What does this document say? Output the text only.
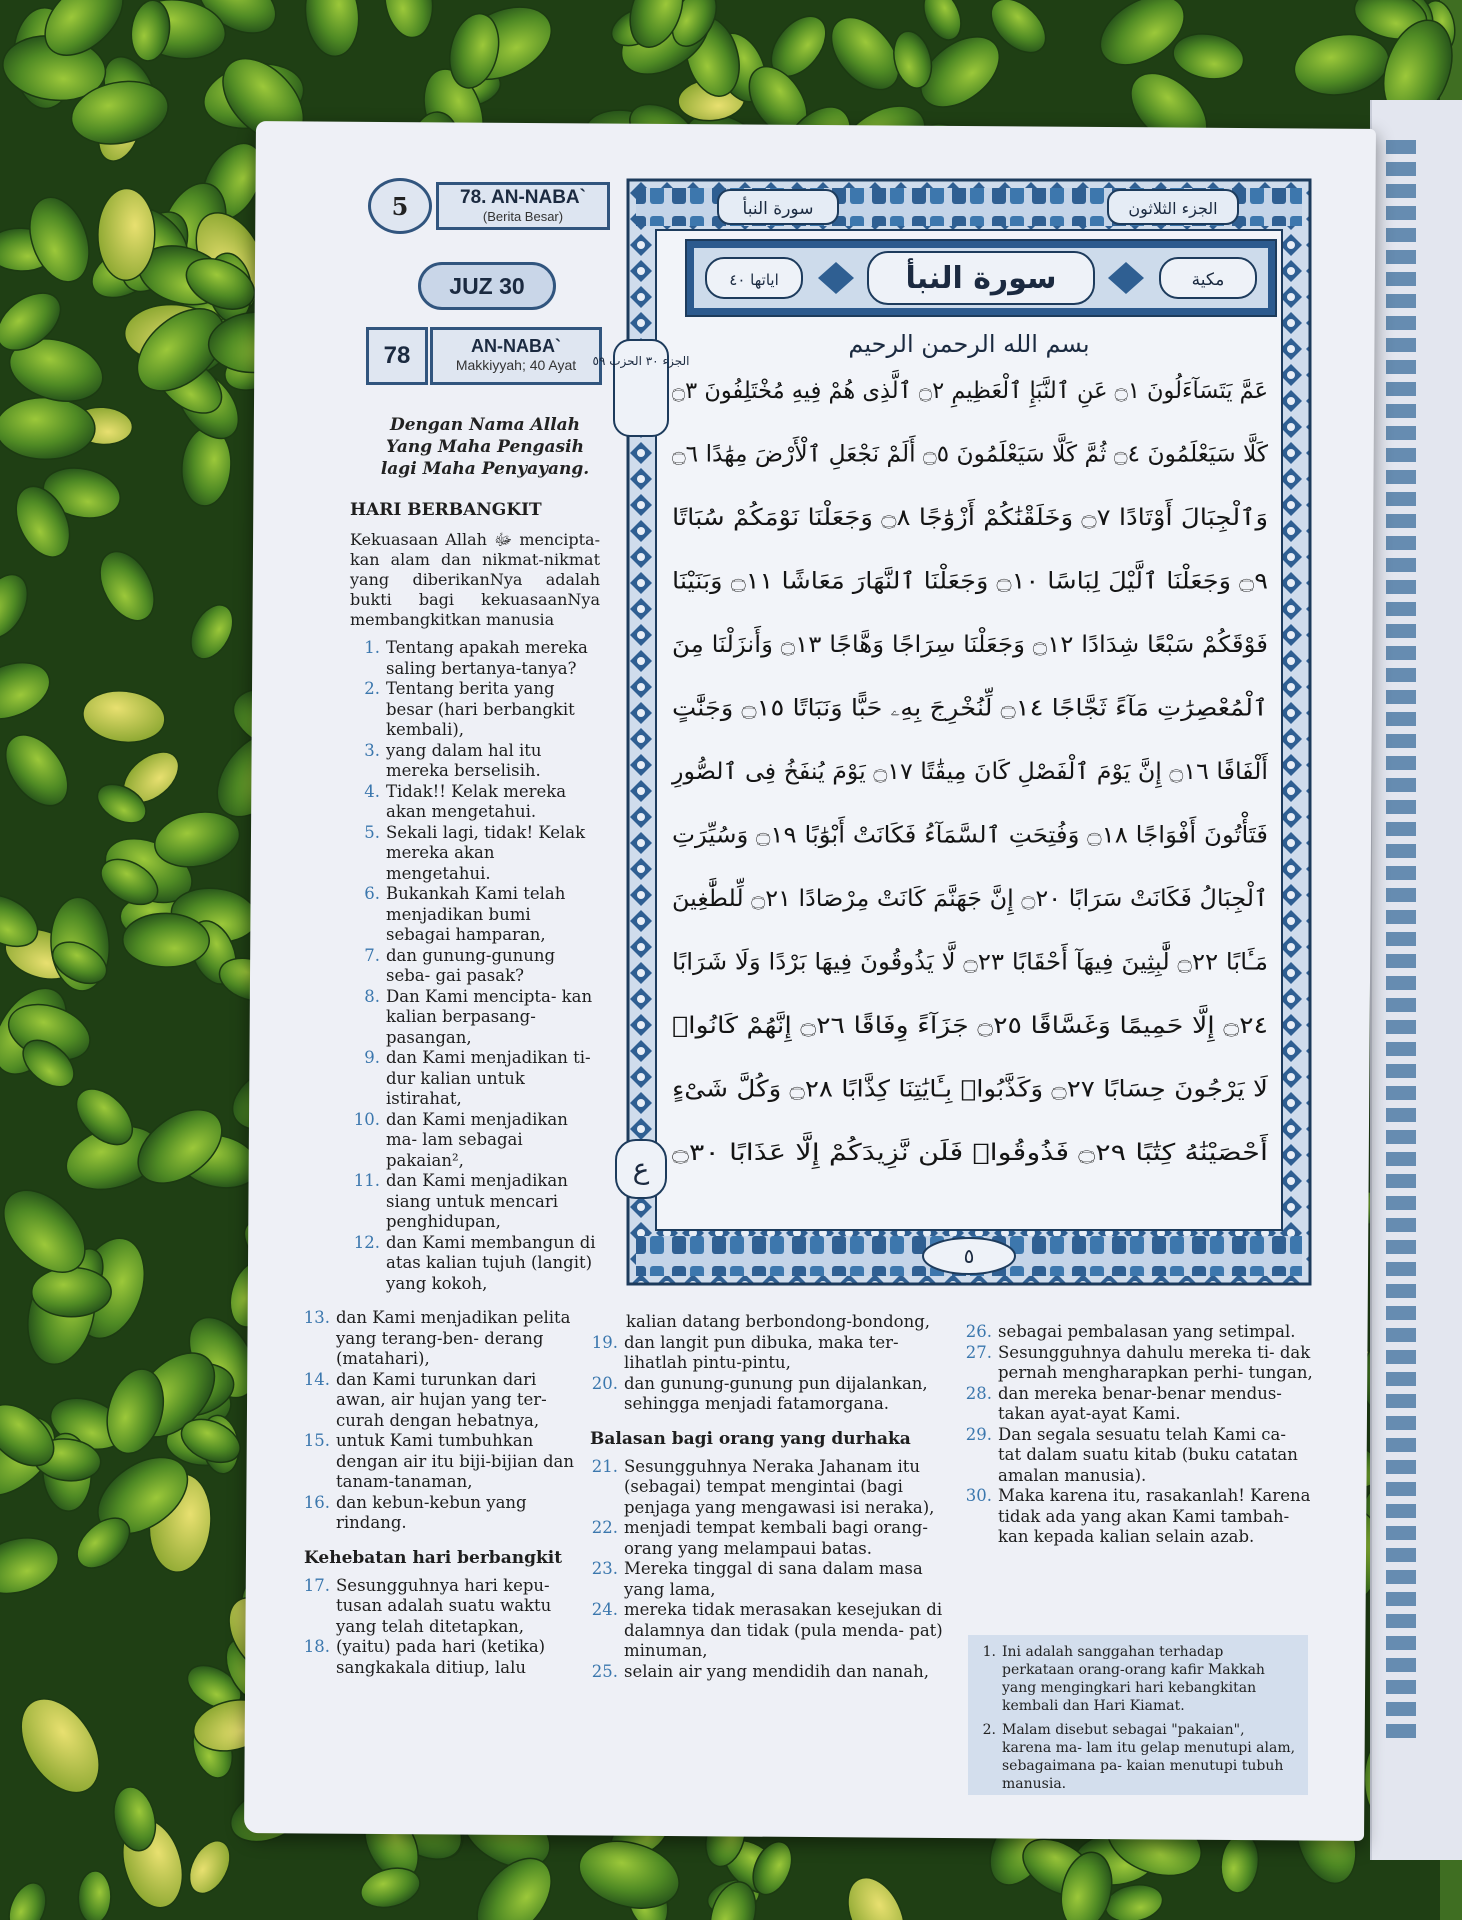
5	78. AN-NABA`
(Berita Besar)
JUZ 30
78	AN-NABA`
Makkiyyah; 40 Ayat
Dengan Nama Allah Yang Maha Pengasih lagi Maha Penyayang.
HARI BERBANGKIT
Kekuasaan Allah ﷻ mencipta- kan alam dan nikmat-nikmat yang diberikanNya adalah bukti bagi kekuasaanNya membangkitkan manusia
1. Tentang apakah mereka saling bertanya-tanya?
2. Tentang berita yang besar (hari berbangkit kembali),
3. yang dalam hal itu mereka berselisih.
4. Tidak!! Kelak mereka akan mengetahui.
5. Sekali lagi, tidak! Kelak mereka akan mengetahui.
6. Bukankah Kami telah menjadikan bumi sebagai hamparan,
7. dan gunung-gunung seba- gai pasak?
8. Dan Kami mencipta- kan kalian berpasang- pasangan,
9. dan Kami menjadikan ti- dur kalian untuk istirahat,
10. dan Kami menjadikan ma- lam sebagai pakaian²,
11. dan Kami menjadikan siang untuk mencari penghidupan,
12. dan Kami membangun di atas kalian tujuh (langit) yang kokoh,
سورة النبأ	الجزء الثلاثون
اياتها ٤٠	مكية
سورة النبأ
الجزء ٣٠ الحزب ٥٩
ع
٥
بسم الله الرحمن الرحيم
عَمَّ يَتَسَآءَلُونَ ۝١ عَنِ ٱلنَّبَإِ ٱلْعَظِيمِ ۝٢ ٱلَّذِى هُمْ فِيهِ مُخْتَلِفُونَ ۝٣
كَلَّا سَيَعْلَمُونَ ۝٤ ثُمَّ كَلَّا سَيَعْلَمُونَ ۝٥ أَلَمْ نَجْعَلِ ٱلْأَرْضَ مِهَٰدًا ۝٦
وَٱلْجِبَالَ أَوْتَادًا ۝٧ وَخَلَقْنَٰكُمْ أَزْوَٰجًا ۝٨ وَجَعَلْنَا نَوْمَكُمْ سُبَاتًا
۝٩ وَجَعَلْنَا ٱلَّيْلَ لِبَاسًا ۝١٠ وَجَعَلْنَا ٱلنَّهَارَ مَعَاشًا ۝١١ وَبَنَيْنَا
فَوْقَكُمْ سَبْعًا شِدَادًا ۝١٢ وَجَعَلْنَا سِرَاجًا وَهَّاجًا ۝١٣ وَأَنزَلْنَا مِنَ
ٱلْمُعْصِرَٰتِ مَآءً ثَجَّاجًا ۝١٤ لِّنُخْرِجَ بِهِۦ حَبًّا وَنَبَاتًا ۝١٥ وَجَنَّٰتٍ
أَلْفَافًا ۝١٦ إِنَّ يَوْمَ ٱلْفَصْلِ كَانَ مِيقَٰتًا ۝١٧ يَوْمَ يُنفَخُ فِى ٱلصُّورِ
فَتَأْتُونَ أَفْوَاجًا ۝١٨ وَفُتِحَتِ ٱلسَّمَآءُ فَكَانَتْ أَبْوَٰبًا ۝١٩ وَسُيِّرَتِ
ٱلْجِبَالُ فَكَانَتْ سَرَابًا ۝٢٠ إِنَّ جَهَنَّمَ كَانَتْ مِرْصَادًا ۝٢١ لِّلطَّٰغِينَ
مَـَٔابًا ۝٢٢ لَّٰبِثِينَ فِيهَآ أَحْقَابًا ۝٢٣ لَّا يَذُوقُونَ فِيهَا بَرْدًا وَلَا شَرَابًا
۝٢٤ إِلَّا حَمِيمًا وَغَسَّاقًا ۝٢٥ جَزَآءً وِفَاقًا ۝٢٦ إِنَّهُمْ كَانُوا۟
لَا يَرْجُونَ حِسَابًا ۝٢٧ وَكَذَّبُوا۟ بِـَٔايَٰتِنَا كِذَّابًا ۝٢٨ وَكُلَّ شَىْءٍ
أَحْصَيْنَٰهُ كِتَٰبًا ۝٢٩ فَذُوقُوا۟ فَلَن نَّزِيدَكُمْ إِلَّا عَذَابًا ۝٣٠
13. dan Kami menjadikan pelita yang terang-ben- derang (matahari),
14. dan Kami turunkan dari awan, air hujan yang ter- curah dengan hebatnya,
15. untuk Kami tumbuhkan dengan air itu biji-bijian dan tanam-tanaman,
16. dan kebun-kebun yang rindang.
Kehebatan hari berbangkit
17. Sesungguhnya hari kepu- tusan adalah suatu waktu yang telah ditetapkan,
18. (yaitu) pada hari (ketika) sangkakala ditiup, lalu
kalian datang berbondong-bondong,
19. dan langit pun dibuka, maka ter- lihatlah pintu-pintu,
20. dan gunung-gunung pun dijalankan, sehingga menjadi fatamorgana.
Balasan bagi orang yang durhaka
21. Sesungguhnya Neraka Jahanam itu (sebagai) tempat mengintai (bagi penjaga yang mengawasi isi neraka),
22. menjadi tempat kembali bagi orang- orang yang melampaui batas.
23. Mereka tinggal di sana dalam masa yang lama,
24. mereka tidak merasakan kesejukan di dalamnya dan tidak (pula menda- pat) minuman,
25. selain air yang mendidih dan nanah,
26. sebagai pembalasan yang setimpal.
27. Sesungguhnya dahulu mereka ti- dak pernah mengharapkan perhi- tungan,
28. dan mereka benar-benar mendus- takan ayat-ayat Kami.
29. Dan segala sesuatu telah Kami ca- tat dalam suatu kitab (buku catatan amalan manusia).
30. Maka karena itu, rasakanlah! Karena tidak ada yang akan Kami tambah- kan kepada kalian selain azab.
1. Ini adalah sanggahan terhadap perkataan orang-orang kafir Makkah yang mengingkari hari kebangkitan kembali dan Hari Kiamat.
2. Malam disebut sebagai "pakaian", karena ma- lam itu gelap menutupi alam, sebagaimana pa- kaian menutupi tubuh manusia.
